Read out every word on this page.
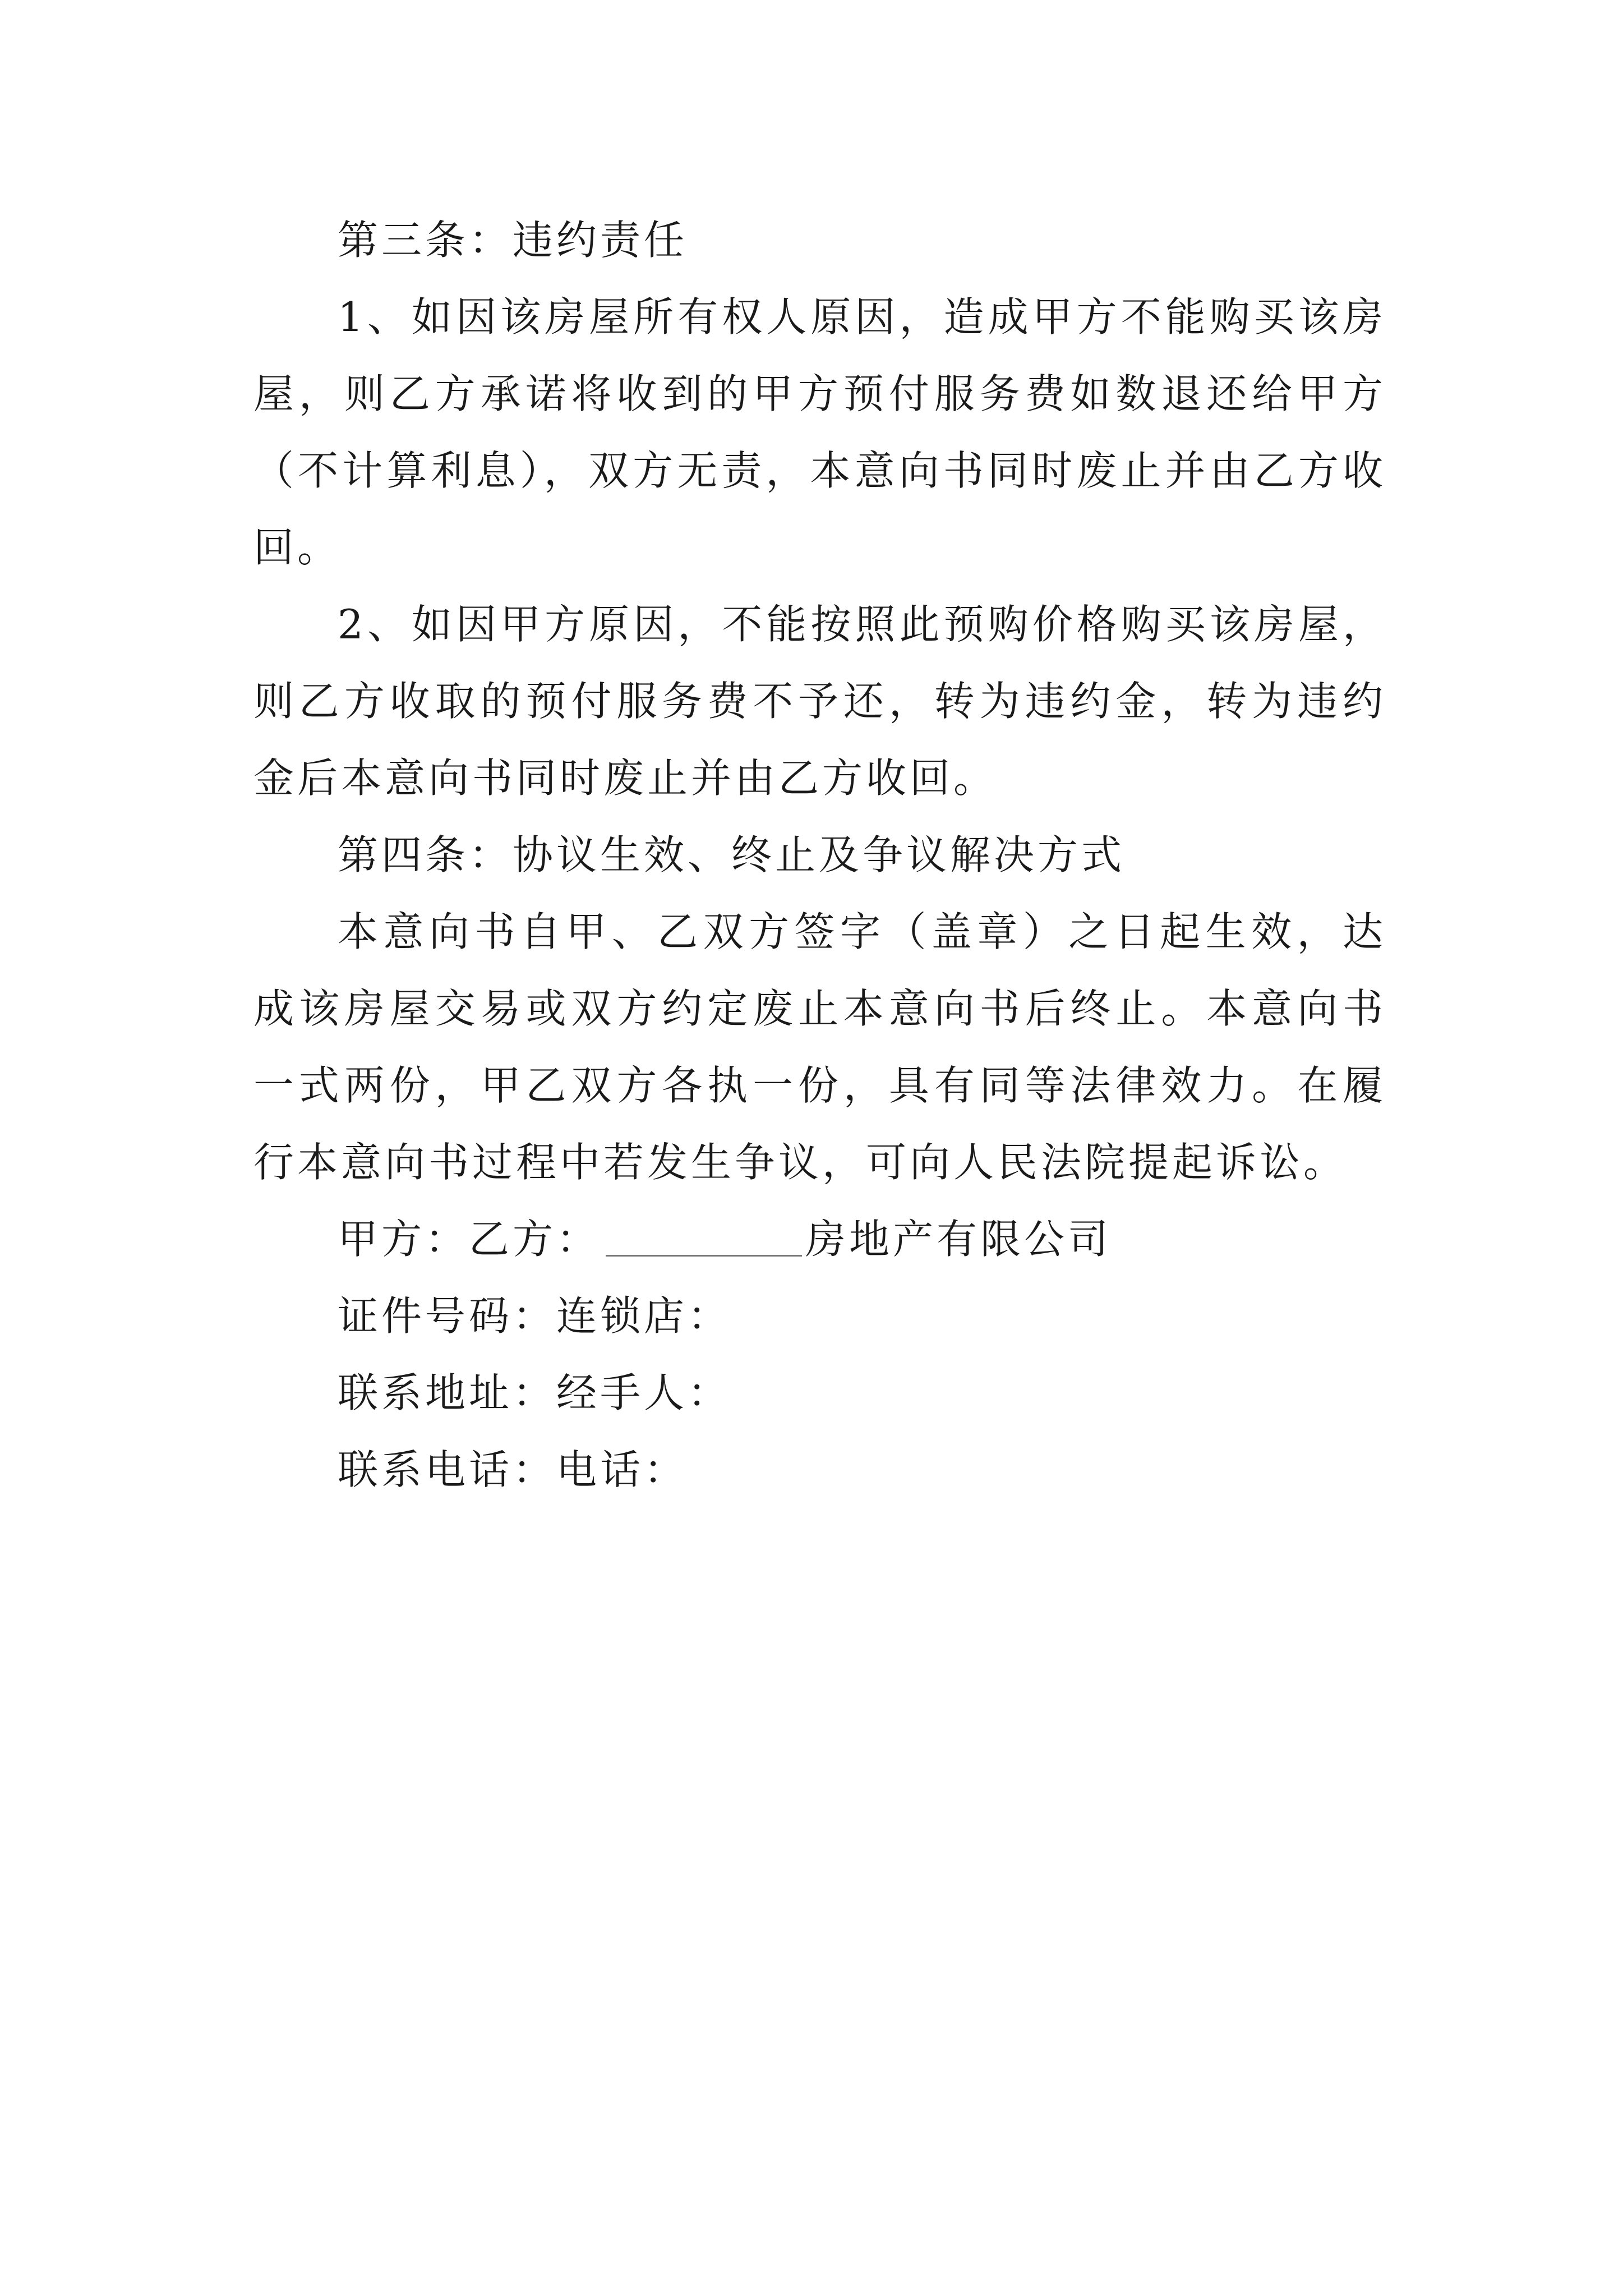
第三条：违约责任

1、如因该房屋所有权人原因，造成甲方不能购买该房屋，则乙方承诺将收到的甲方预付服务费如数退还给甲方（不计算利息），双方无责，本意向书同时废止并由乙方收回。

2、如因甲方原因，不能按照此预购价格购买该房屋，则乙方收取的预付服务费不予还，转为违约金，转为违约金后本意向书同时废止并由乙方收回。

第四条：协议生效、终止及争议解决方式

本意向书自甲、乙双方签字（盖章）之日起生效，达成该房屋交易或双方约定废止本意向书后终止。本意向书一式两份，甲乙双方各执一份，具有同等法律效力。在履行本意向书过程中若发生争议，可向人民法院提起诉讼。

甲方：乙方：	房地产有限公司

证件号码：连锁店：

联系地址：经手人：

联系电话：电话：
